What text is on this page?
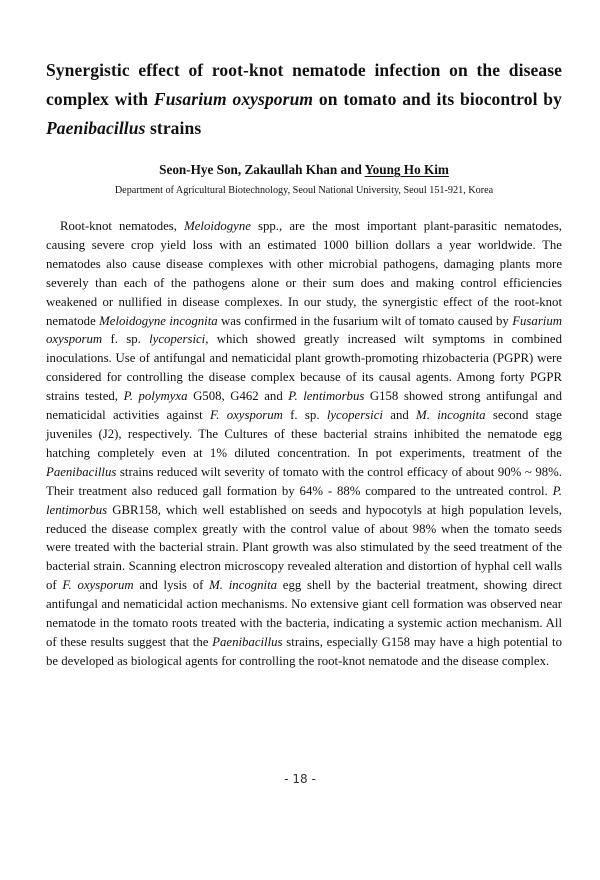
Synergistic effect of root-knot nematode infection on the disease complex with Fusarium oxysporum on tomato and its biocontrol by Paenibacillus strains
Seon-Hye Son, Zakaullah Khan and Young Ho Kim
Department of Agricultural Biotechnology, Seoul National University, Seoul 151-921, Korea

Root-knot nematodes, Meloidogyne spp., are the most important plant-parasitic nematodes, causing severe crop yield loss with an estimated 1000 billion dollars a year worldwide. The nematodes also cause disease complexes with other microbial pathogens, damaging plants more severely than each of the pathogens alone or their sum does and making control efficiencies weakened or nullified in disease complexes. In our study, the synergistic effect of the root-knot nematode Meloidogyne incognita was confirmed in the fusarium wilt of tomato caused by Fusarium oxysporum f. sp. lycopersici, which showed greatly increased wilt symptoms in combined inoculations. Use of antifungal and nematicidal plant growth-promoting rhizobacteria (PGPR) were considered for controlling the disease complex because of its causal agents. Among forty PGPR strains tested, P. polymyxa G508, G462 and P. lentimorbus G158 showed strong antifungal and nematicidal activities against F. oxysporum f. sp. lycopersici and M. incognita second stage juveniles (J2), respectively. The Cultures of these bacterial strains inhibited the nematode egg hatching completely even at 1% diluted concentration. In pot experiments, treatment of the Paenibacillus strains reduced wilt severity of tomato with the control efficacy of about 90% ~ 98%. Their treatment also reduced gall formation by 64% - 88% compared to the untreated control. P. lentimorbus GBR158, which well established on seeds and hypocotyls at high population levels, reduced the disease complex greatly with the control value of about 98% when the tomato seeds were treated with the bacterial strain. Plant growth was also stimulated by the seed treatment of the bacterial strain. Scanning electron microscopy revealed alteration and distortion of hyphal cell walls of F. oxysporum and lysis of M. incognita egg shell by the bacterial treatment, showing direct antifungal and nematicidal action mechanisms. No extensive giant cell formation was observed near nematode in the tomato roots treated with the bacteria, indicating a systemic action mechanism. All of these results suggest that the Paenibacillus strains, especially G158 may have a high potential to be developed as biological agents for controlling the root-knot nematode and the disease complex.

- 18 -
